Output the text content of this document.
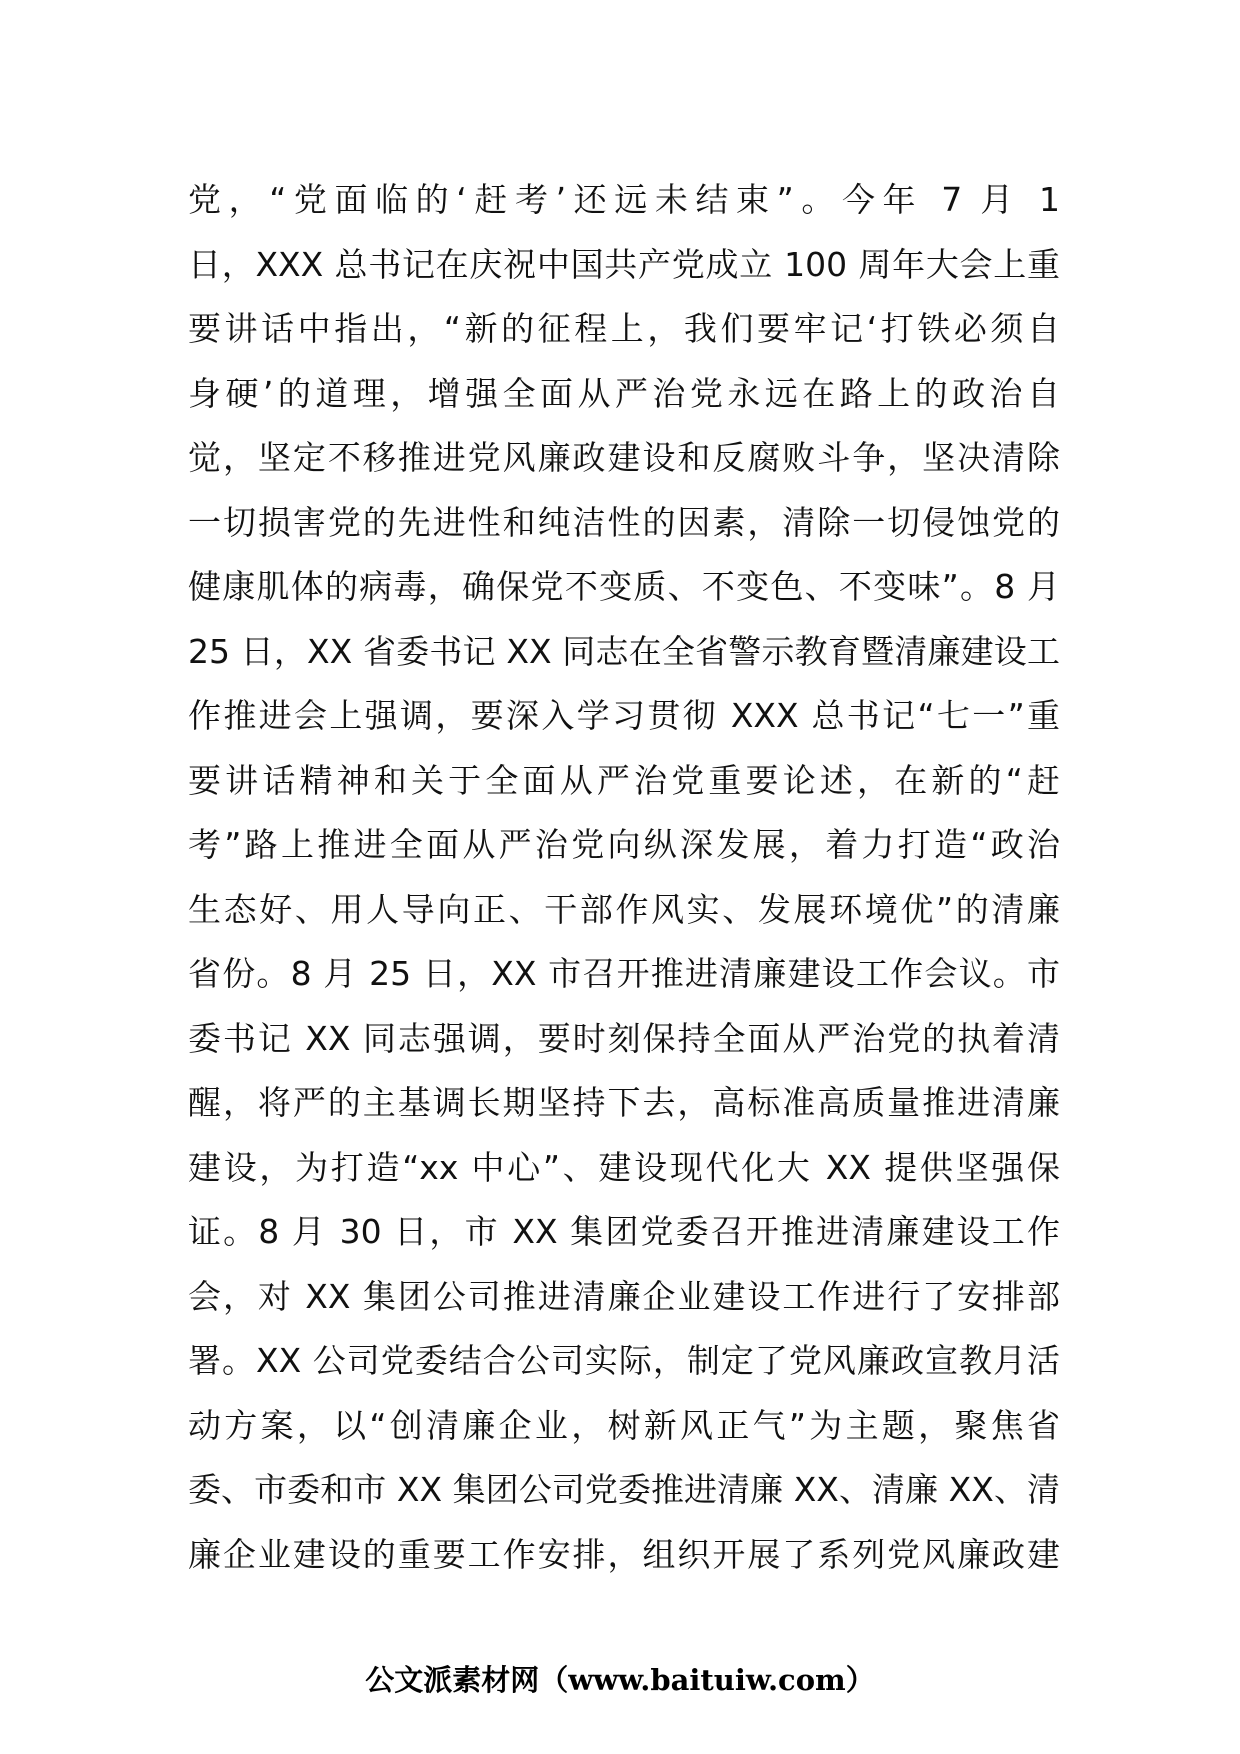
党，“党面临的‘赶考’还远未结束”。今年 7 月 1
日，XXX 总书记在庆祝中国共产党成立 100 周年大会上重
要讲话中指出，“新的征程上，我们要牢记‘打铁必须自
身硬’的道理，增强全面从严治党永远在路上的政治自
觉，坚定不移推进党风廉政建设和反腐败斗争，坚决清除
一切损害党的先进性和纯洁性的因素，清除一切侵蚀党的
健康肌体的病毒，确保党不变质、不变色、不变味”。8 月
25 日，XX 省委书记 XX 同志在全省警示教育暨清廉建设工
作推进会上强调，要深入学习贯彻 XXX 总书记“七一”重
要讲话精神和关于全面从严治党重要论述，在新的“赶
考”路上推进全面从严治党向纵深发展，着力打造“政治
生态好、用人导向正、干部作风实、发展环境优”的清廉
省份。8 月 25 日，XX 市召开推进清廉建设工作会议。市
委书记 XX 同志强调，要时刻保持全面从严治党的执着清
醒，将严的主基调长期坚持下去，高标准高质量推进清廉
建设，为打造“xx 中心”、建设现代化大 XX 提供坚强保
证。8 月 30 日，市 XX 集团党委召开推进清廉建设工作
会，对 XX 集团公司推进清廉企业建设工作进行了安排部
署。XX 公司党委结合公司实际，制定了党风廉政宣教月活
动方案，以“创清廉企业，树新风正气”为主题，聚焦省
委、市委和市 XX 集团公司党委推进清廉 XX、清廉 XX、清
廉企业建设的重要工作安排，组织开展了系列党风廉政建
公文派素材网（www.baituiw.com）
